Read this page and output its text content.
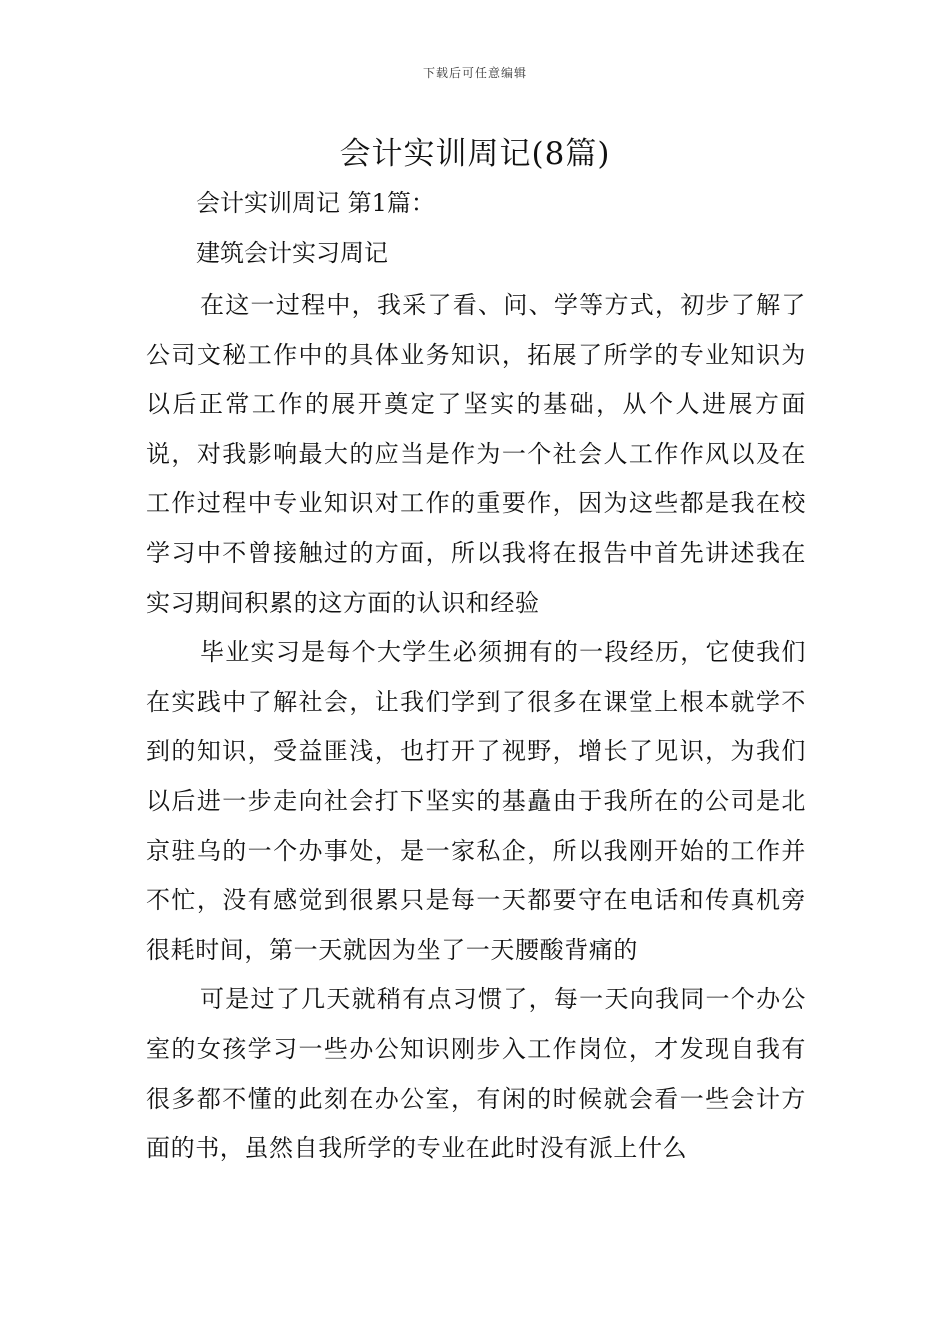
下载后可任意编辑
会计实训周记(8篇)

会计实训周记 第1篇：

建筑会计实习周记

在这一过程中，我采了看、问、学等方式，初步了解了公司文秘工作中的具体业务知识，拓展了所学的专业知识为以后正常工作的展开奠定了坚实的基础，从个人进展方面说，对我影响最大的应当是作为一个社会人工作作风以及在工作过程中专业知识对工作的重要作，因为这些都是我在校学习中不曾接触过的方面，所以我将在报告中首先讲述我在实习期间积累的这方面的认识和经验

毕业实习是每个大学生必须拥有的一段经历，它使我们在实践中了解社会，让我们学到了很多在课堂上根本就学不到的知识，受益匪浅，也打开了视野，增长了见识，为我们以后进一步走向社会打下坚实的基矗由于我所在的公司是北京驻乌的一个办事处，是一家私企，所以我刚开始的工作并不忙，没有感觉到很累只是每一天都要守在电话和传真机旁很耗时间，第一天就因为坐了一天腰酸背痛的

可是过了几天就稍有点习惯了，每一天向我同一个办公室的女孩学习一些办公知识刚步入工作岗位，才发现自我有很多都不懂的此刻在办公室，有闲的时候就会看一些会计方面的书，虽然自我所学的专业在此时没有派上什么
